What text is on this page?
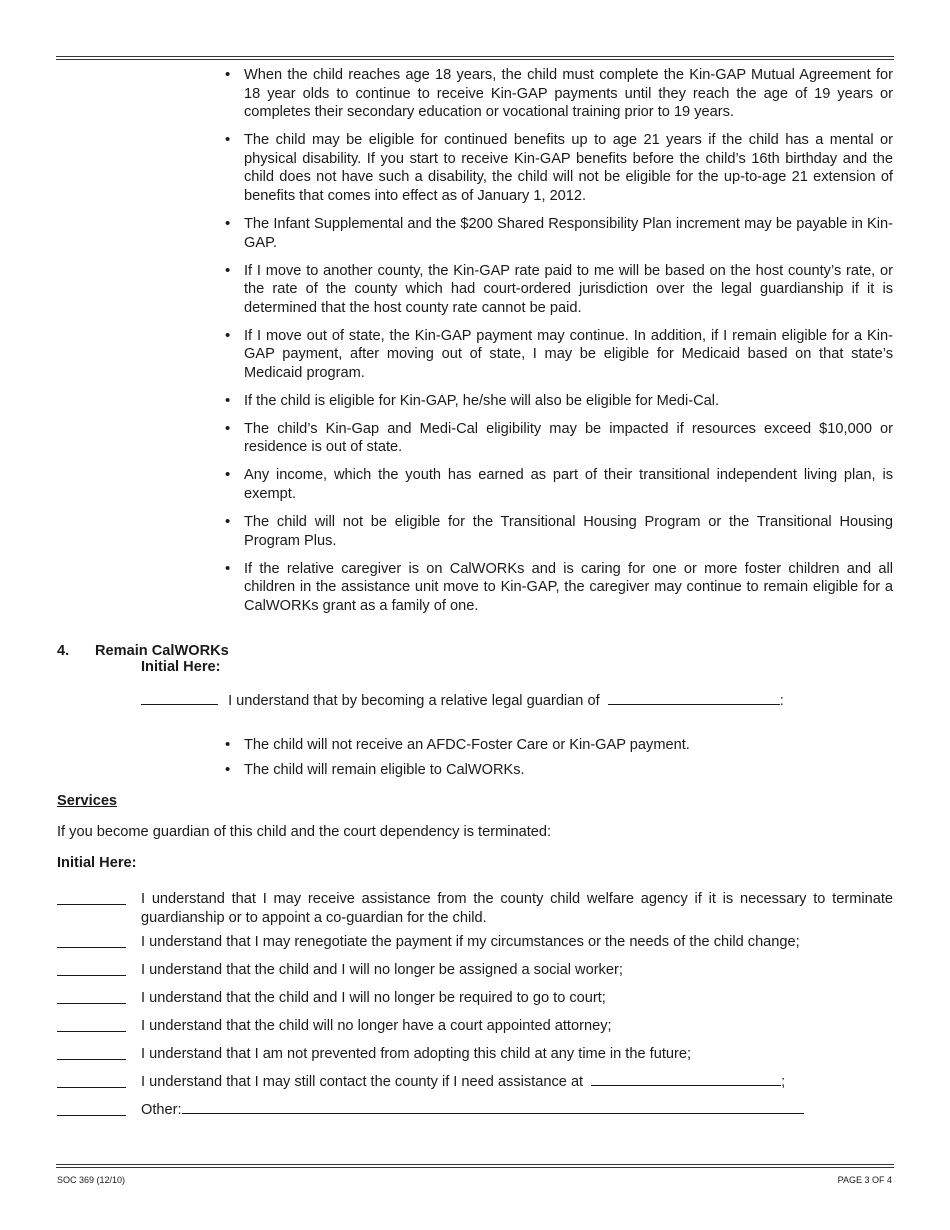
• When the child reaches age 18 years, the child must complete the Kin-GAP Mutual Agreement for 18 year olds to continue to receive Kin-GAP payments until they reach the age of 19 years or completes their secondary education or vocational training prior to 19 years.
• The child may be eligible for continued benefits up to age 21 years if the child has a mental or physical disability. If you start to receive Kin-GAP benefits before the child’s 16th birthday and the child does not have such a disability, the child will not be eligible for the up-to-age 21 extension of benefits that comes into effect as of January 1, 2012.
• The Infant Supplemental and the $200 Shared Responsibility Plan increment may be payable in Kin-GAP.
• If I move to another county, the Kin-GAP rate paid to me will be based on the host county’s rate, or the rate of the county which had court-ordered jurisdiction over the legal guardianship if it is determined that the host county rate cannot be paid.
• If I move out of state, the Kin-GAP payment may continue. In addition, if I remain eligible for a Kin-GAP payment, after moving out of state, I may be eligible for Medicaid based on that state’s Medicaid program.
• If the child is eligible for Kin-GAP, he/she will also be eligible for Medi-Cal.
• The child’s Kin-Gap and Medi-Cal eligibility may be impacted if resources exceed $10,000 or residence is out of state.
• Any income, which the youth has earned as part of their transitional independent living plan, is exempt.
• The child will not be eligible for the Transitional Housing Program or the Transitional Housing Program Plus.
• If the relative caregiver is on CalWORKs and is caring for one or more foster children and all children in the assistance unit move to Kin-GAP, the caregiver may continue to remain eligible for a CalWORKs grant as a family of one.
4. Remain CalWORKs
Initial Here:
I understand that by becoming a relative legal guardian of	:
• The child will not receive an AFDC-Foster Care or Kin-GAP payment.
• The child will remain eligible to CalWORKs.
Services
If you become guardian of this child and the court dependency is terminated:
Initial Here:
I understand that I may receive assistance from the county child welfare agency if it is necessary to terminate guardianship or to appoint a co-guardian for the child.
I understand that I may renegotiate the payment if my circumstances or the needs of the child change;
I understand that the child and I will no longer be assigned a social worker;
I understand that the child and I will no longer be required to go to court;
I understand that the child will no longer have a court appointed attorney;
I understand that I am not prevented from adopting this child at any time in the future;
I understand that I may still contact the county if I need assistance at	;
Other:
SOC 369 (12/10)	PAGE 3 OF 4
